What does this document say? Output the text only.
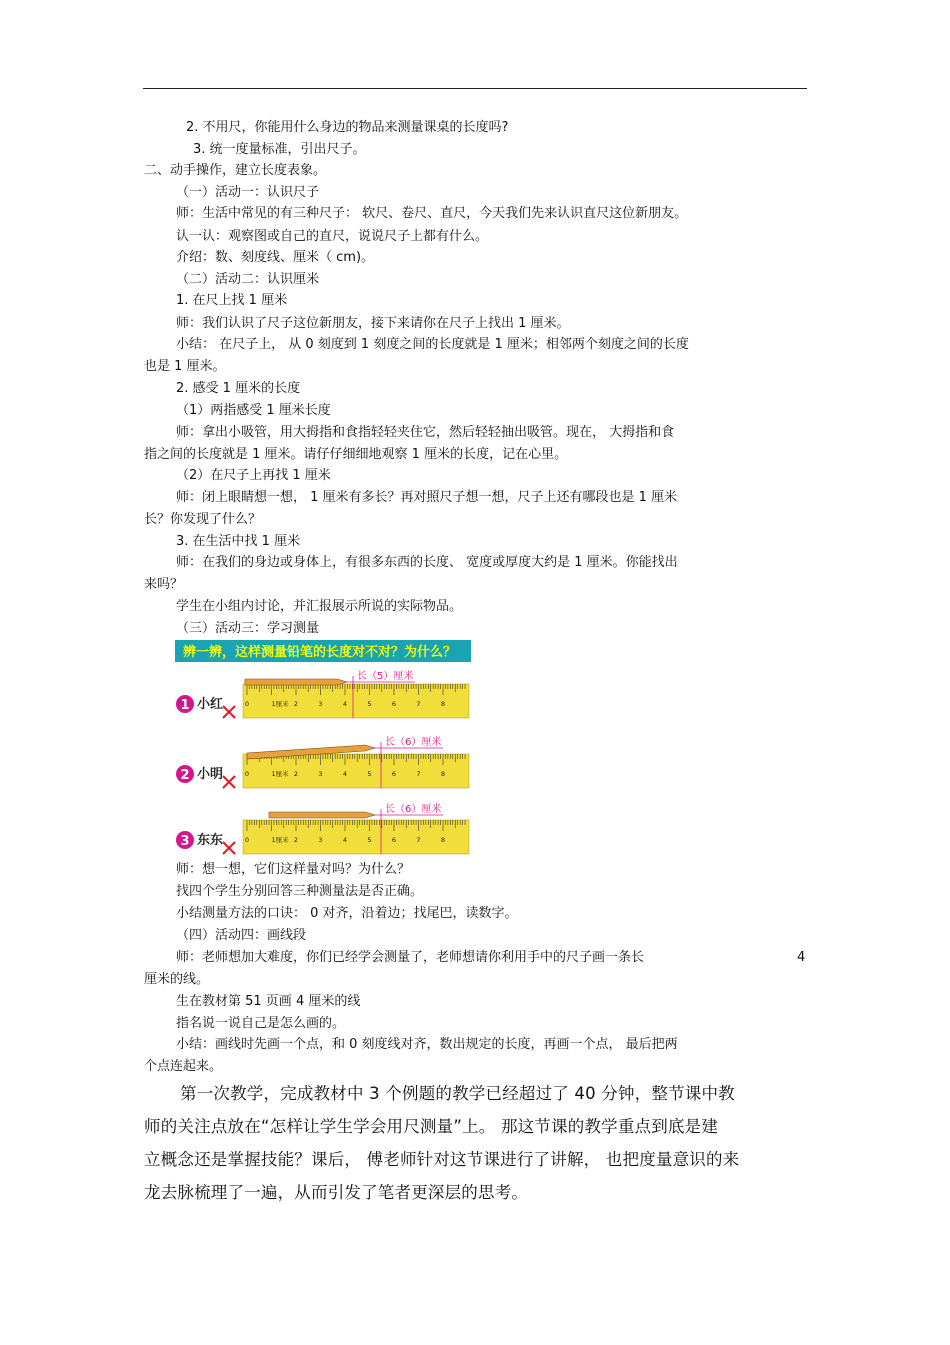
2. 不用尺，你能用什么身边的物品来测量课桌的长度吗?
3. 统一度量标准，引出尺子。
二、动手操作，建立长度表象。
（一）活动一：认识尺子
师：生活中常见的有三种尺子： 软尺、卷尺、直尺，今天我们先来认识直尺这位新朋友。
认一认：观察图或自己的直尺，说说尺子上都有什么。
介绍：数、刻度线、厘米（ cm)。
（二）活动二：认识厘米
1. 在尺上找 1 厘米
师：我们认识了尺子这位新朋友，接下来请你在尺子上找出 1 厘米。
小结： 在尺子上， 从 0 刻度到 1 刻度之间的长度就是 1 厘米；相邻两个刻度之间的长度
也是 1 厘米。
2. 感受 1 厘米的长度
（1）两指感受 1 厘米长度
师：拿出小吸管，用大拇指和食指轻轻夹住它，然后轻轻抽出吸管。现在， 大拇指和食
指之间的长度就是 1 厘米。请仔仔细细地观察 1 厘米的长度，记在心里。
（2）在尺子上再找 1 厘米
师：闭上眼睛想一想， 1 厘米有多长？再对照尺子想一想，尺子上还有哪段也是 1 厘米
长？你发现了什么？
3. 在生活中找 1 厘米
师：在我们的身边或身体上，有很多东西的长度、 宽度或厚度大约是 1 厘米。你能找出
来吗？
学生在小组内讨论，并汇报展示所说的实际物品。
（三）活动三：学习测量
辨一辨，这样测量铅笔的长度对不对？为什么？
1 小红	0	1厘米 2	3	4	5	6	7	8
长（5）厘米
2 小明	0	1厘米 2	3	4	5	6	7	8
长（6）厘米
3 东东	0	1厘米 2	3	4	5	6	7	8
长（6）厘米
师：想一想，它们这样量对吗？为什么？
找四个学生分别回答三种测量法是否正确。
小结测量方法的口诀： 0 对齐，沿着边；找尾巴，读数字。
（四）活动四：画线段
师：老师想加大难度，你们已经学会测量了，老师想请你利用手中的尺子画一条长	4
厘米的线。
生在教材第 51 页画 4 厘米的线
指名说一说自己是怎么画的。
小结：画线时先画一个点，和 0 刻度线对齐，数出规定的长度，再画一个点， 最后把两
个点连起来。
第一次教学，完成教材中 3 个例题的教学已经超过了 40 分钟，整节课中教
师的关注点放在“怎样让学生学会用尺测量”上。 那这节课的教学重点到底是建
立概念还是掌握技能？课后， 傅老师针对这节课进行了讲解， 也把度量意识的来
龙去脉梳理了一遍，从而引发了笔者更深层的思考。
